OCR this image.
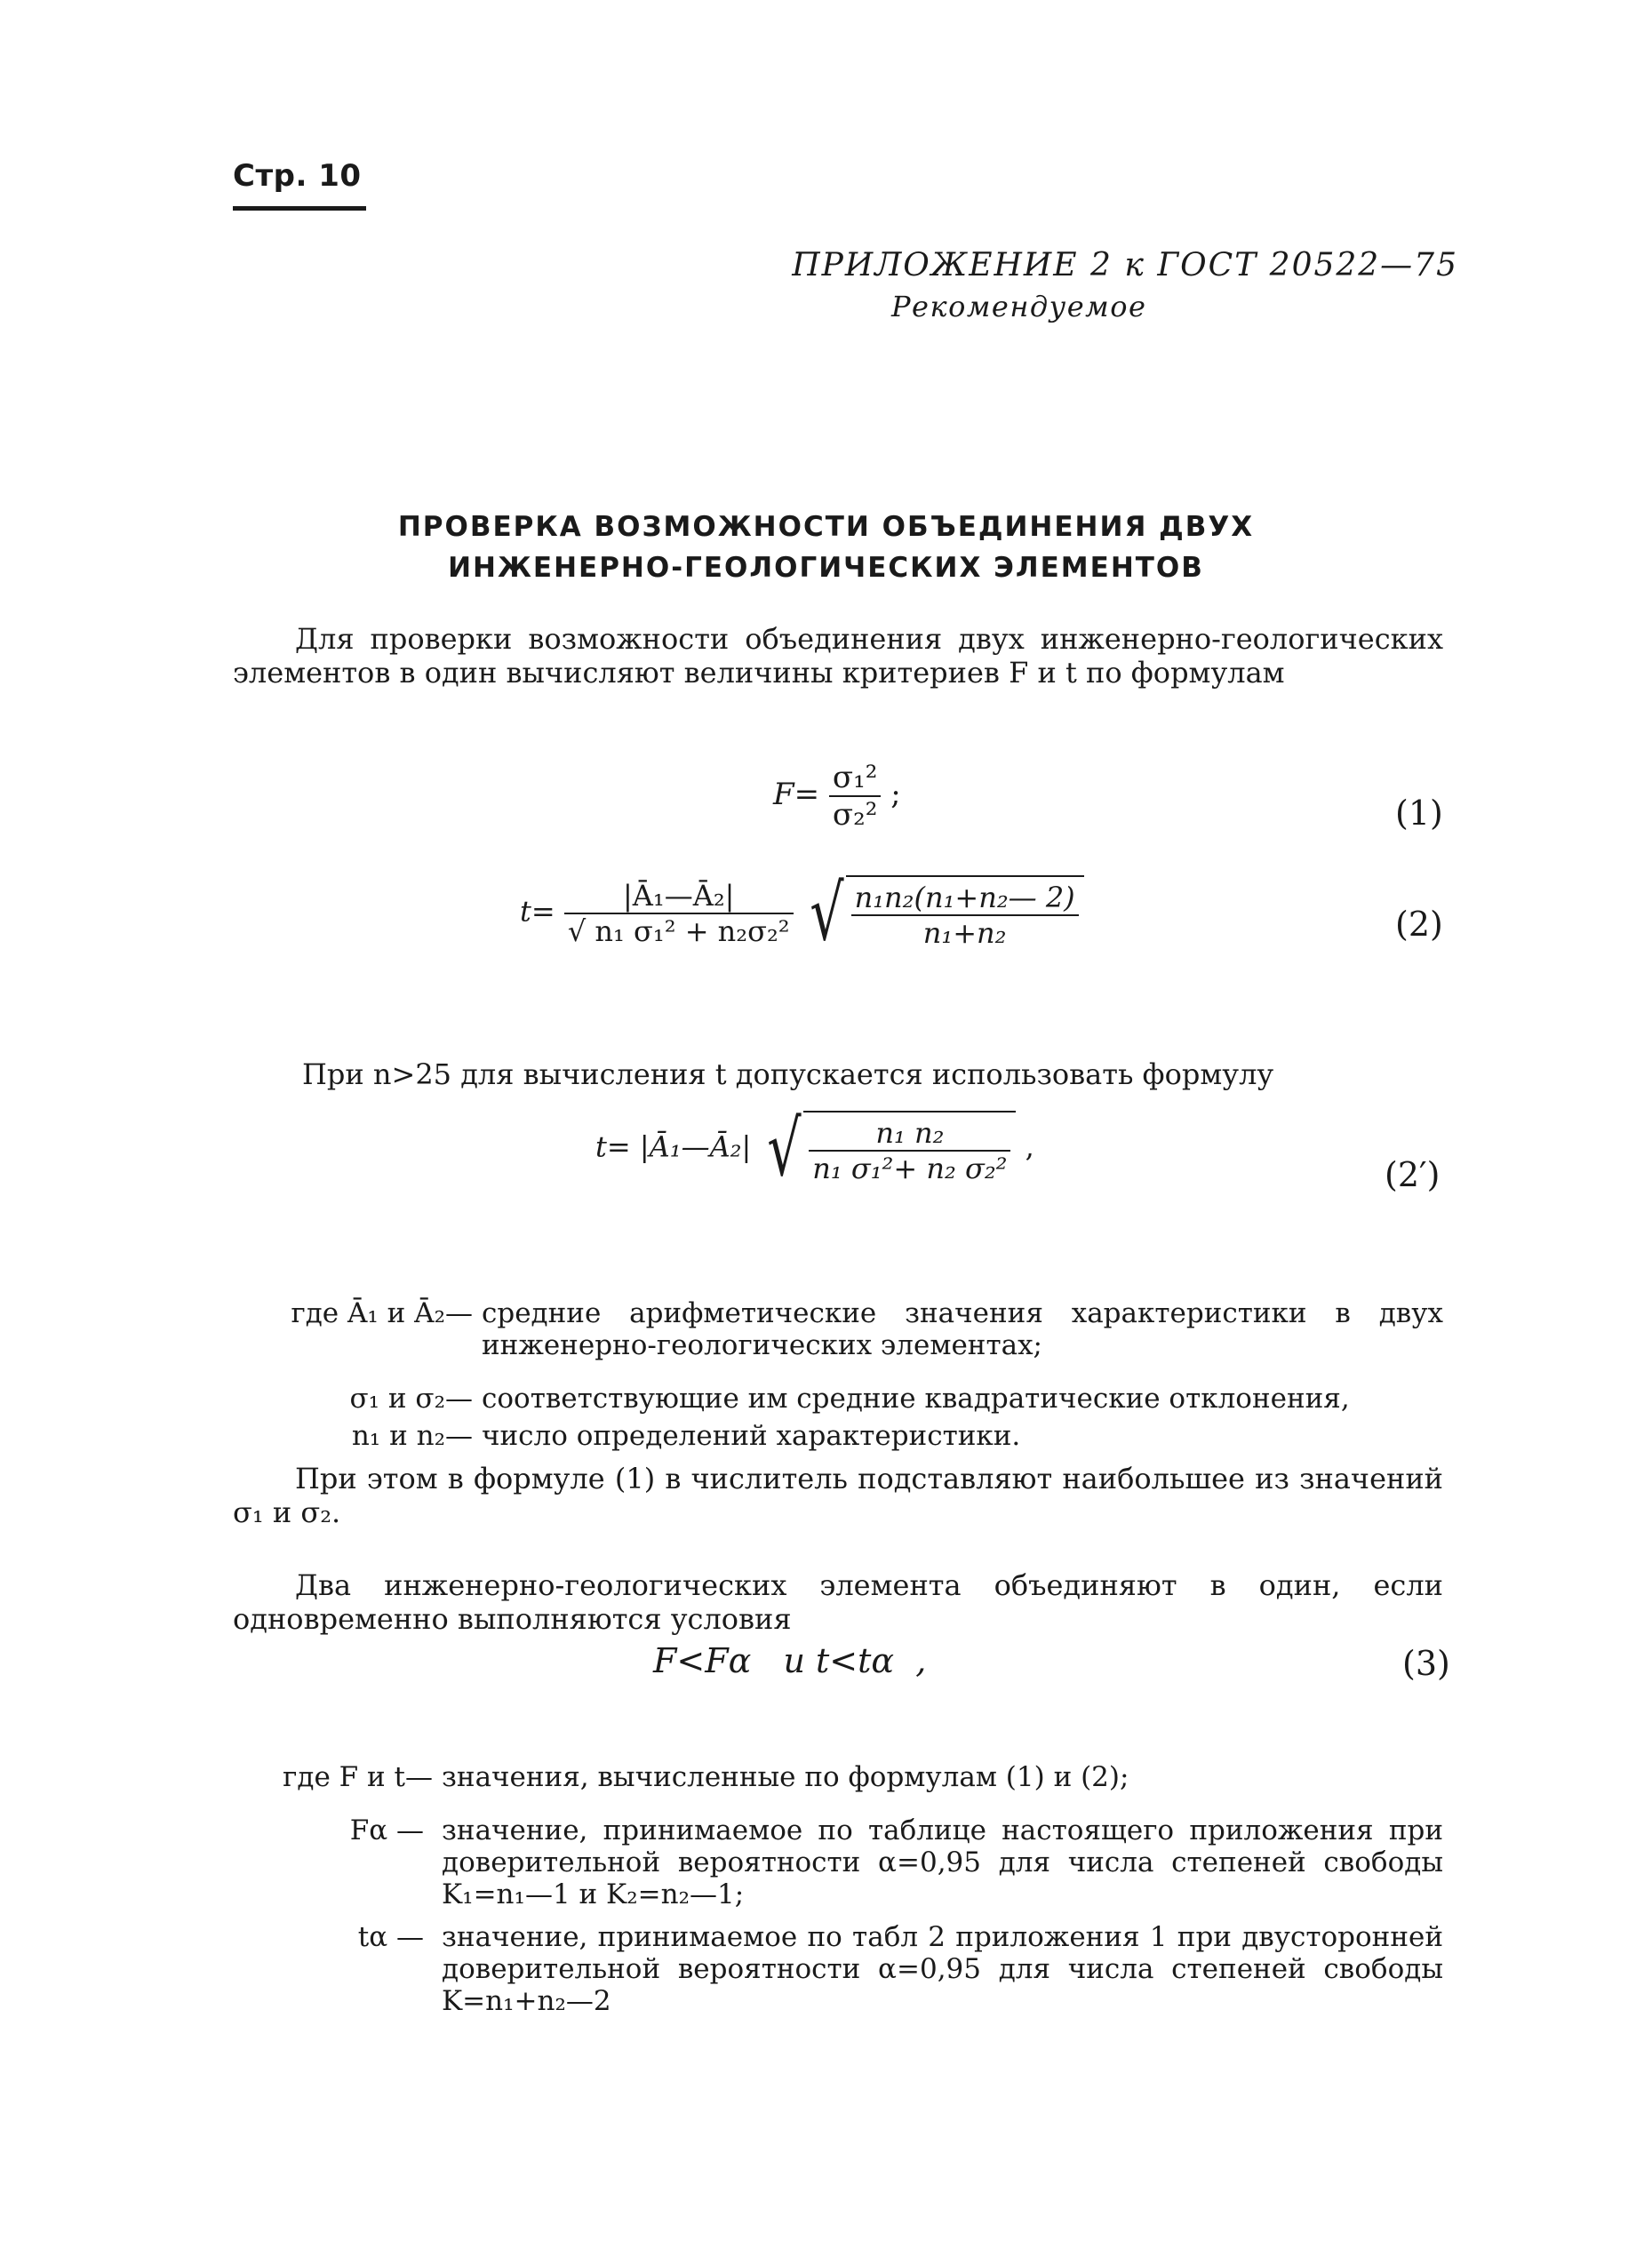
Стр. 10
ПРИЛОЖЕНИЕ 2 к ГОСТ 20522—75
Рекомендуемое
ПРОВЕРКА ВОЗМОЖНОСТИ ОБЪЕДИНЕНИЯ ДВУХ
ИНЖЕНЕРНО-ГЕОЛОГИЧЕСКИХ ЭЛЕМЕНТОВ
Для проверки возможности объединения двух инженерно-геологических элементов в один вычисляют величины критериев F и t по формулам
$F= \frac{\text{σ₁²}}{\text{σ₂²}}$ ;	(1)
$t= \frac{\text{|Ā₁—Ā₂|}}{\text{√ n₁ σ₁² + n₂σ₂²}}$
√ $\frac{\text{n₁n₂(n₁+n₂— 2)}}{\text{n₁+n₂}}$	(2)
При n>25 для вычисления t допускается использовать формулу
t= |Ā₁—Ā₂| √ $\frac{\text{n₁ n₂}}{\text{n₁ σ₁²+ n₂ σ₂²}}$ ,
(2′)
где Ā₁ и Ā₂— средние арифметические значения характеристики в двух инженерно-геологических элементах;
σ₁ и σ₂— соответствующие им средние квадратические отклонения,
n₁ и n₂— число определений характеристики.
При этом в формуле (1) в числитель подставляют наибольшее из значений σ₁ и σ₂.
Два инженерно-геологических элемента объединяют в один, если одновременно выполняются условия
F<Fα   и t<tα  ,	(3)
где F и t— значения, вычисленные по формулам (1) и (2);
Fα — значение, принимаемое по таблице настоящего приложения при доверительной вероятности α=0,95 для числа степеней свободы K₁=n₁—1 и K₂=n₂—1;
tα — значение, принимаемое по табл 2 приложения 1 при двусторонней доверительной вероятности α=0,95 для числа степеней свободы K=n₁+n₂—2
